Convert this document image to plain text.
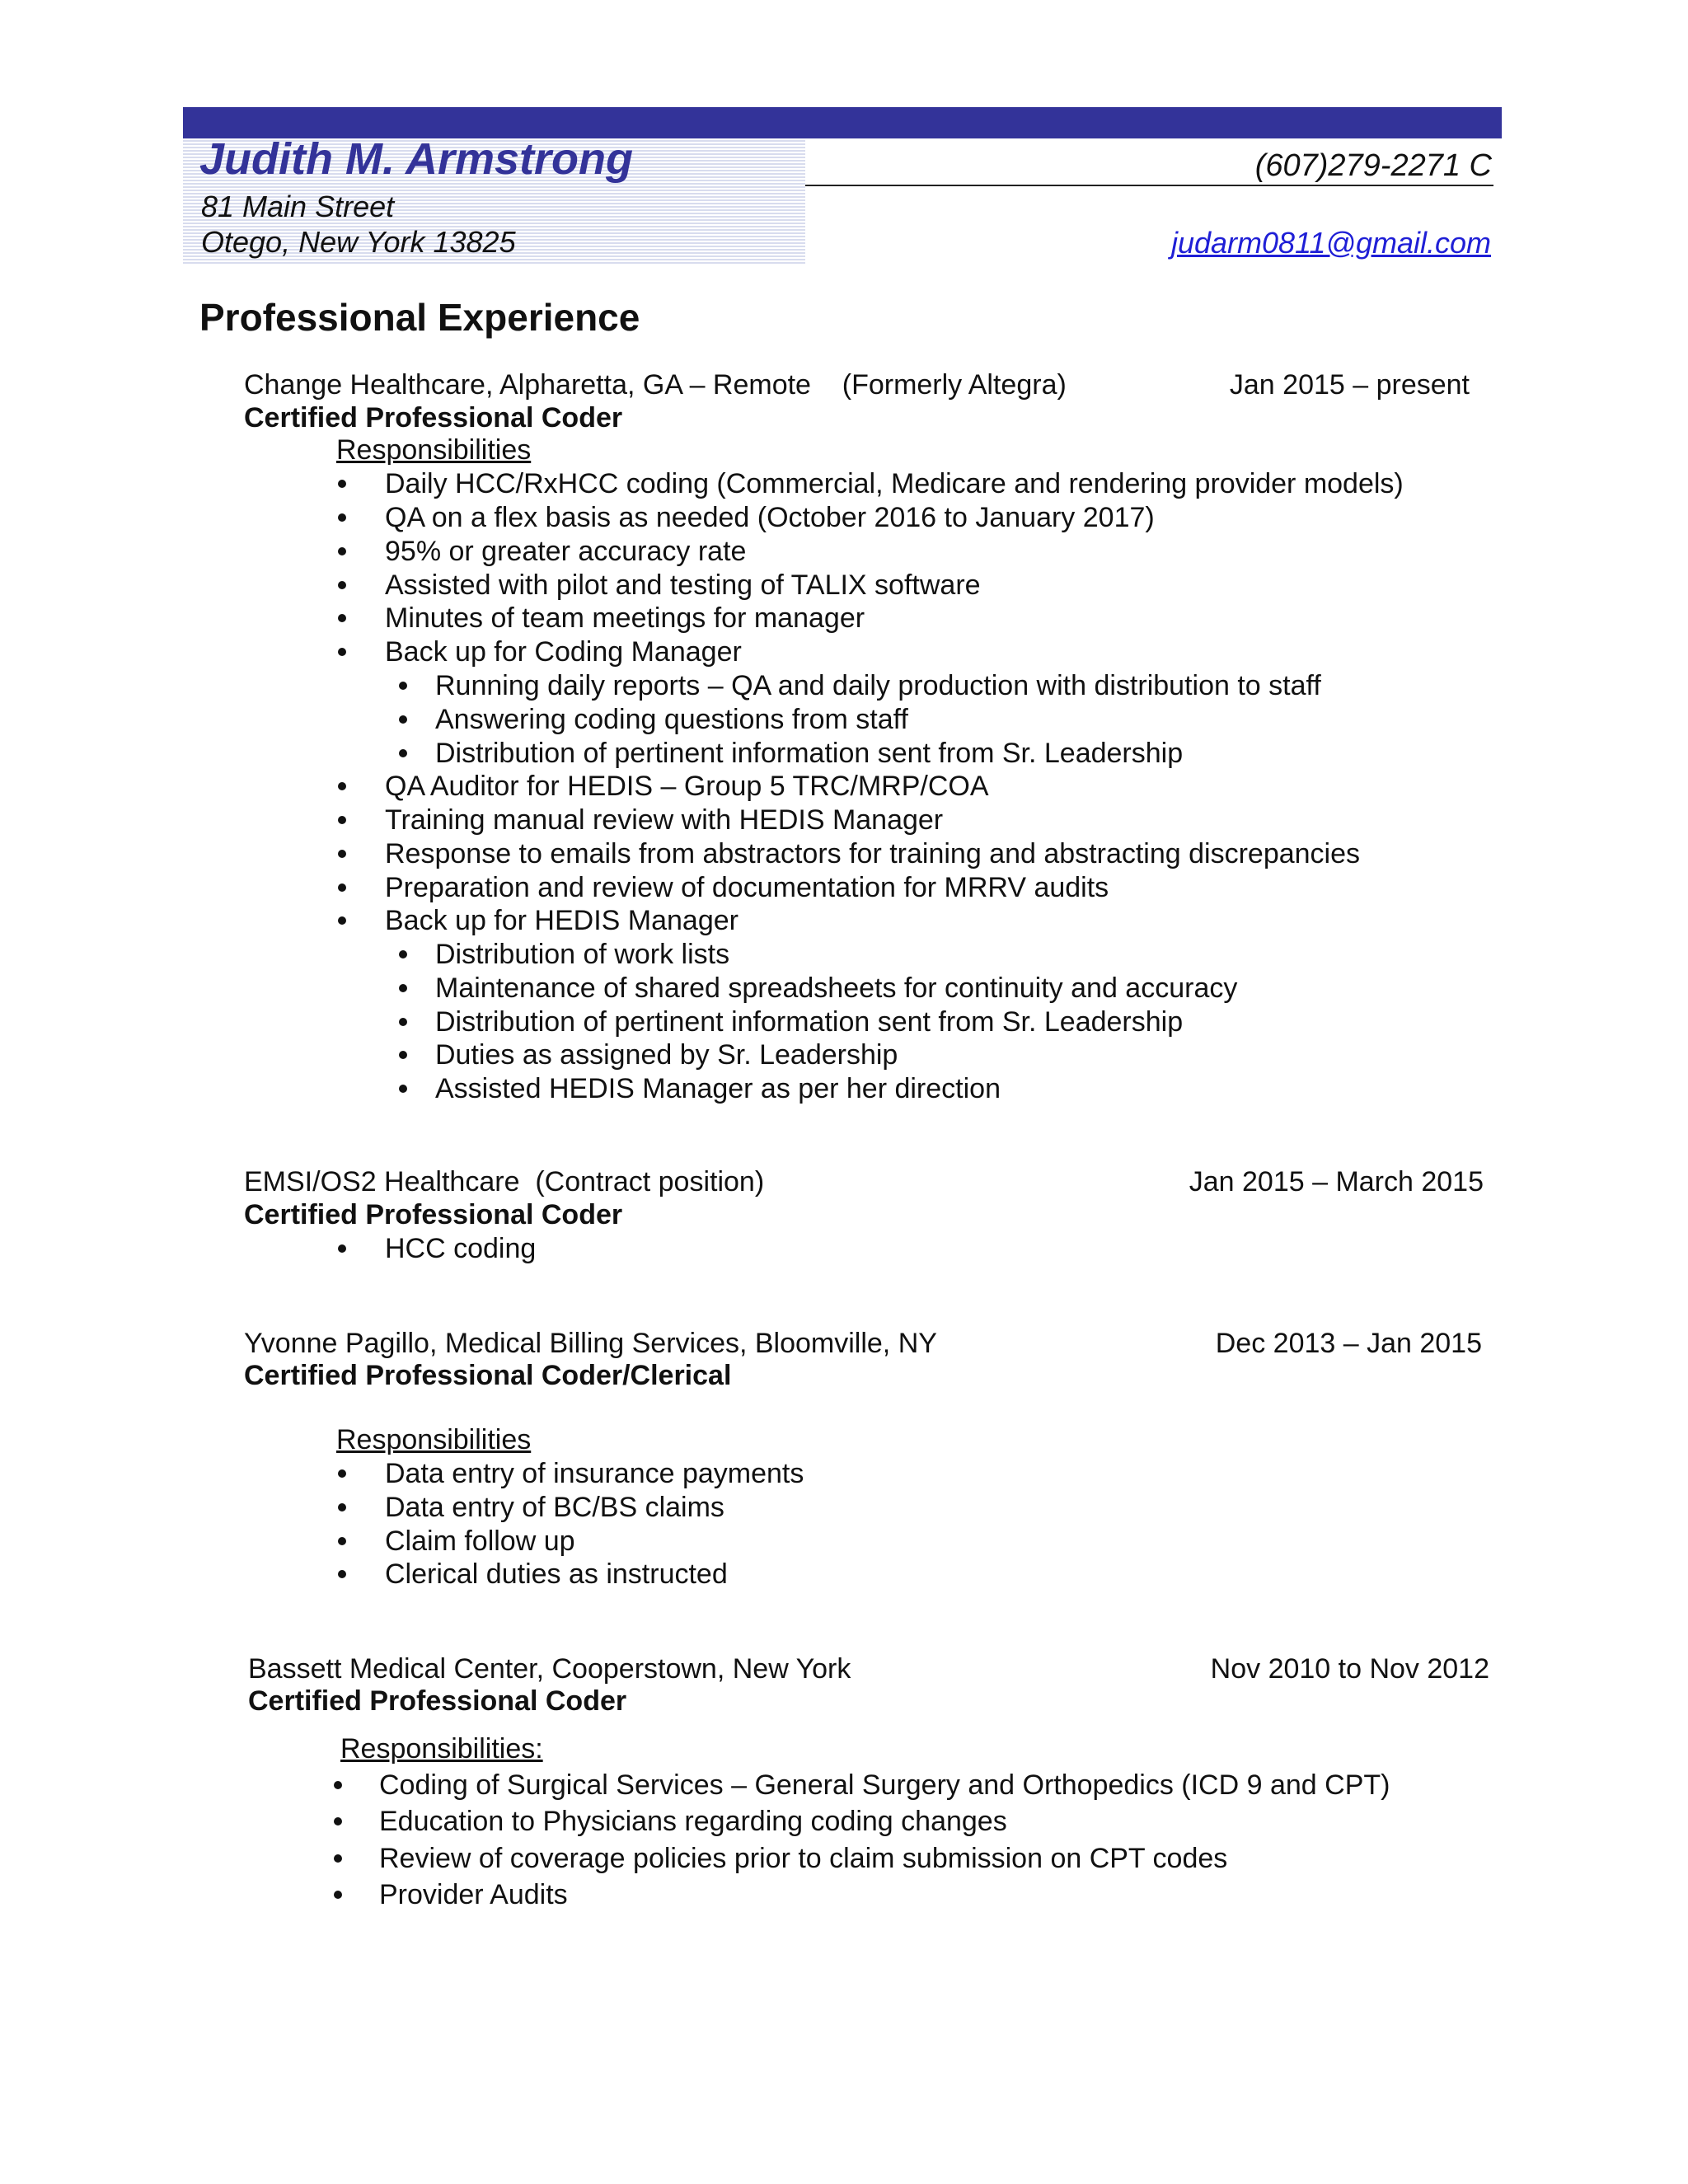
Judith M. Armstrong	(607)279-2271 C
81 Main Street
Otego, New York 13825	judarm0811@gmail.com
Professional Experience
Change Healthcare, Alpharetta, GA – Remote    (Formerly Altegra)	Jan 2015 – present
Certified Professional Coder
Responsibilities
Daily HCC/RxHCC coding (Commercial, Medicare and rendering provider models)
QA on a flex basis as needed (October 2016 to January 2017)
95% or greater accuracy rate
Assisted with pilot and testing of TALIX software
Minutes of team meetings for manager
Back up for Coding Manager
Running daily reports – QA and daily production with distribution to staff
Answering coding questions from staff
Distribution of pertinent information sent from Sr. Leadership
QA Auditor for HEDIS – Group 5 TRC/MRP/COA
Training manual review with HEDIS Manager
Response to emails from abstractors for training and abstracting discrepancies
Preparation and review of documentation for MRRV audits
Back up for HEDIS Manager
Distribution of work lists
Maintenance of shared spreadsheets for continuity and accuracy
Distribution of pertinent information sent from Sr. Leadership
Duties as assigned by Sr. Leadership
Assisted HEDIS Manager as per her direction
EMSI/OS2 Healthcare  (Contract position)	Jan 2015 – March 2015
Certified Professional Coder
HCC coding
Yvonne Pagillo, Medical Billing Services, Bloomville, NY	Dec 2013 – Jan 2015
Certified Professional Coder/Clerical
Responsibilities
Data entry of insurance payments
Data entry of BC/BS claims
Claim follow up
Clerical duties as instructed
Bassett Medical Center, Cooperstown, New York	Nov 2010 to Nov 2012
Certified Professional Coder
Responsibilities:
Coding of Surgical Services – General Surgery and Orthopedics (ICD 9 and CPT)
Education to Physicians regarding coding changes
Review of coverage policies prior to claim submission on CPT codes
Provider Audits
